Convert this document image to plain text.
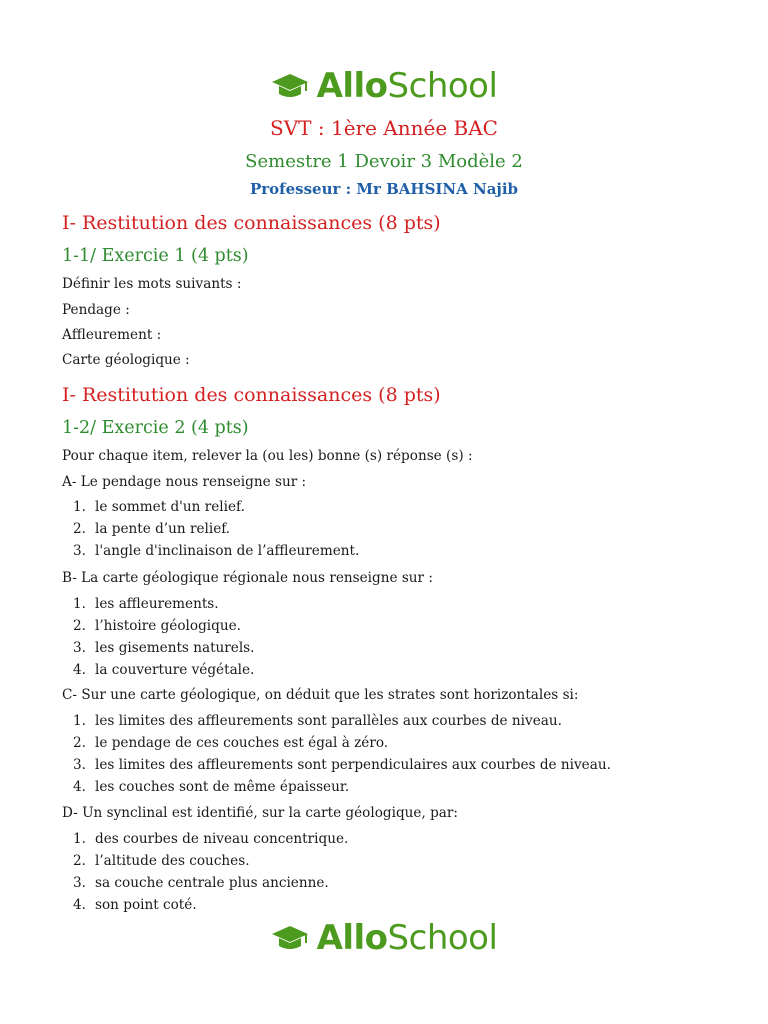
AlloSchool
SVT : 1ère Année BAC
Semestre 1 Devoir 3 Modèle 2
Professeur : Mr BAHSINA Najib
I- Restitution des connaissances (8 pts)
1-1/ Exercie 1 (4 pts)
Définir les mots suivants :
Pendage :
Affleurement :
Carte géologique :
I- Restitution des connaissances (8 pts)
1-2/ Exercie 2 (4 pts)
Pour chaque item, relever la (ou les) bonne (s) réponse (s) :
A- Le pendage nous renseigne sur :
1. le sommet d'un relief.
2. la pente d’un relief.
3. l'angle d'inclinaison de l’affleurement.
B- La carte géologique régionale nous renseigne sur :
1. les affleurements.
2. l’histoire géologique.
3. les gisements naturels.
4. la couverture végétale.
C- Sur une carte géologique, on déduit que les strates sont horizontales si:
1. les limites des affleurements sont parallèles aux courbes de niveau.
2. le pendage de ces couches est égal à zéro.
3. les limites des affleurements sont perpendiculaires aux courbes de niveau.
4. les couches sont de même épaisseur.
D- Un synclinal est identifié, sur la carte géologique, par:
1. des courbes de niveau concentrique.
2. l’altitude des couches.
3. sa couche centrale plus ancienne.
4. son point coté.
AlloSchool
